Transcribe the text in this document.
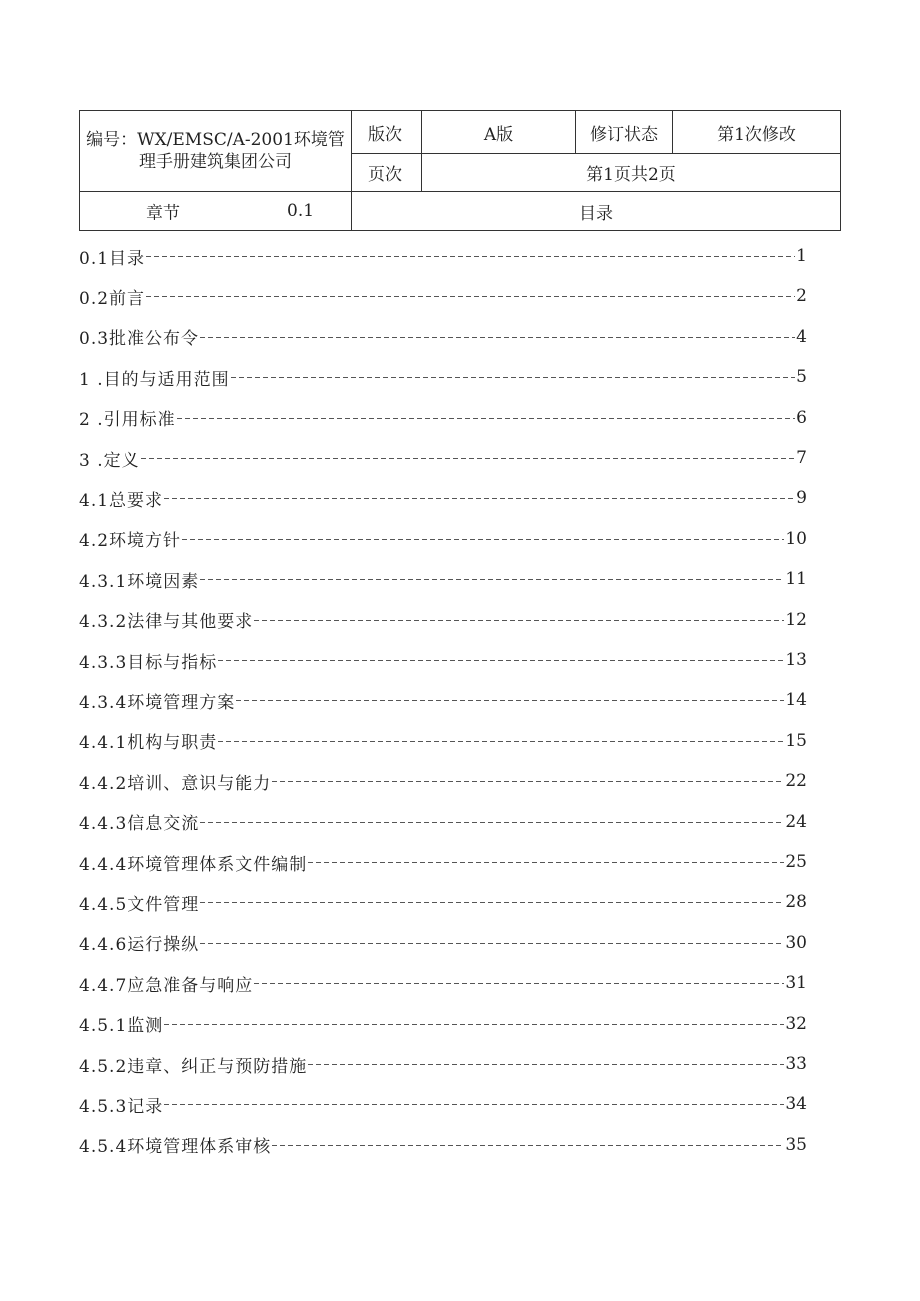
编号：WX/EMSC/A-2001环境管理手册建筑集团公司	版次	A版	修订状态	第1次修改
	页次	第1页共2页		

章节 0.1	目录			
0.1目录	1
0.2前言	2
0.3批准公布令	4
1 .目的与适用范围	5
2 .引用标准	6
3 .定义	7
4.1总要求	9
4.2环境方针	10
4.3.1环境因素	11
4.3.2法律与其他要求	12
4.3.3目标与指标	13
4.3.4环境管理方案	14
4.4.1机构与职责	15
4.4.2培训、意识与能力	22
4.4.3信息交流	24
4.4.4环境管理体系文件编制	25
4.4.5文件管理	28
4.4.6运行操纵	30
4.4.7应急准备与响应	31
4.5.1监测	32
4.5.2违章、纠正与预防措施	33
4.5.3记录	34
4.5.4环境管理体系审核	35
